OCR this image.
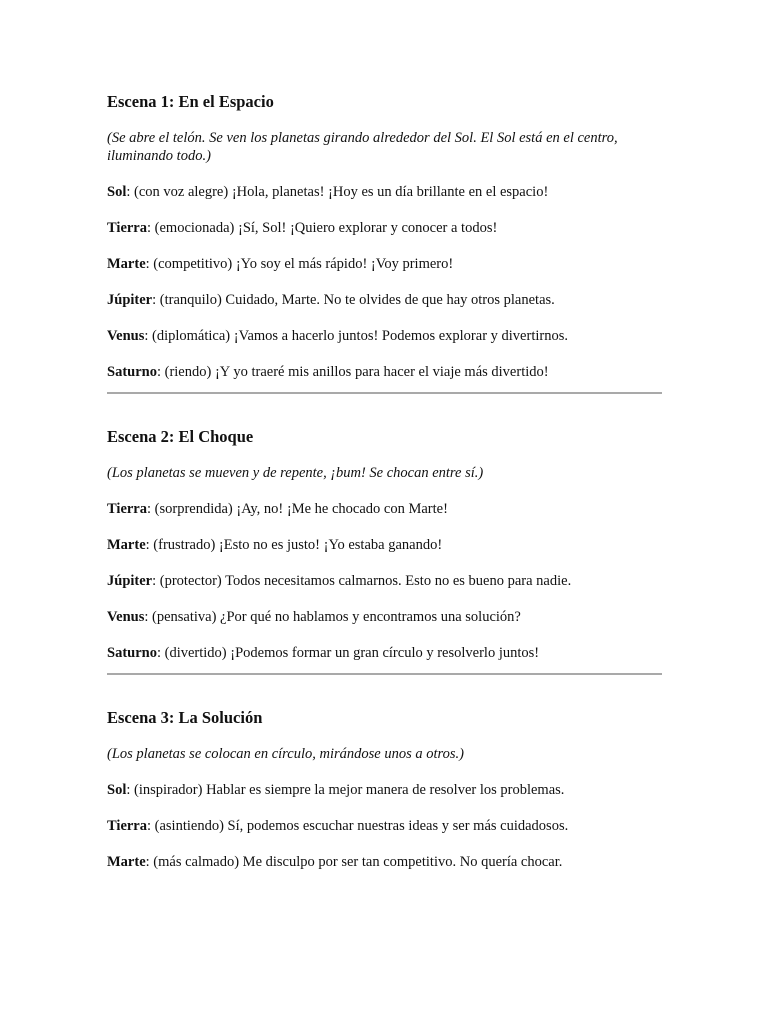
Escena 1: En el Espacio

(Se abre el telón. Se ven los planetas girando alrededor del Sol. El Sol está en el centro, iluminando todo.)

Sol: (con voz alegre) ¡Hola, planetas! ¡Hoy es un día brillante en el espacio!

Tierra: (emocionada) ¡Sí, Sol! ¡Quiero explorar y conocer a todos!

Marte: (competitivo) ¡Yo soy el más rápido! ¡Voy primero!

Júpiter: (tranquilo) Cuidado, Marte. No te olvides de que hay otros planetas.

Venus: (diplomática) ¡Vamos a hacerlo juntos! Podemos explorar y divertirnos.

Saturno: (riendo) ¡Y yo traeré mis anillos para hacer el viaje más divertido!

Escena 2: El Choque

(Los planetas se mueven y de repente, ¡bum! Se chocan entre sí.)

Tierra: (sorprendida) ¡Ay, no! ¡Me he chocado con Marte!

Marte: (frustrado) ¡Esto no es justo! ¡Yo estaba ganando!

Júpiter: (protector) Todos necesitamos calmarnos. Esto no es bueno para nadie.

Venus: (pensativa) ¿Por qué no hablamos y encontramos una solución?

Saturno: (divertido) ¡Podemos formar un gran círculo y resolverlo juntos!

Escena 3: La Solución

(Los planetas se colocan en círculo, mirándose unos a otros.)

Sol: (inspirador) Hablar es siempre la mejor manera de resolver los problemas.

Tierra: (asintiendo) Sí, podemos escuchar nuestras ideas y ser más cuidadosos.

Marte: (más calmado) Me disculpo por ser tan competitivo. No quería chocar.
